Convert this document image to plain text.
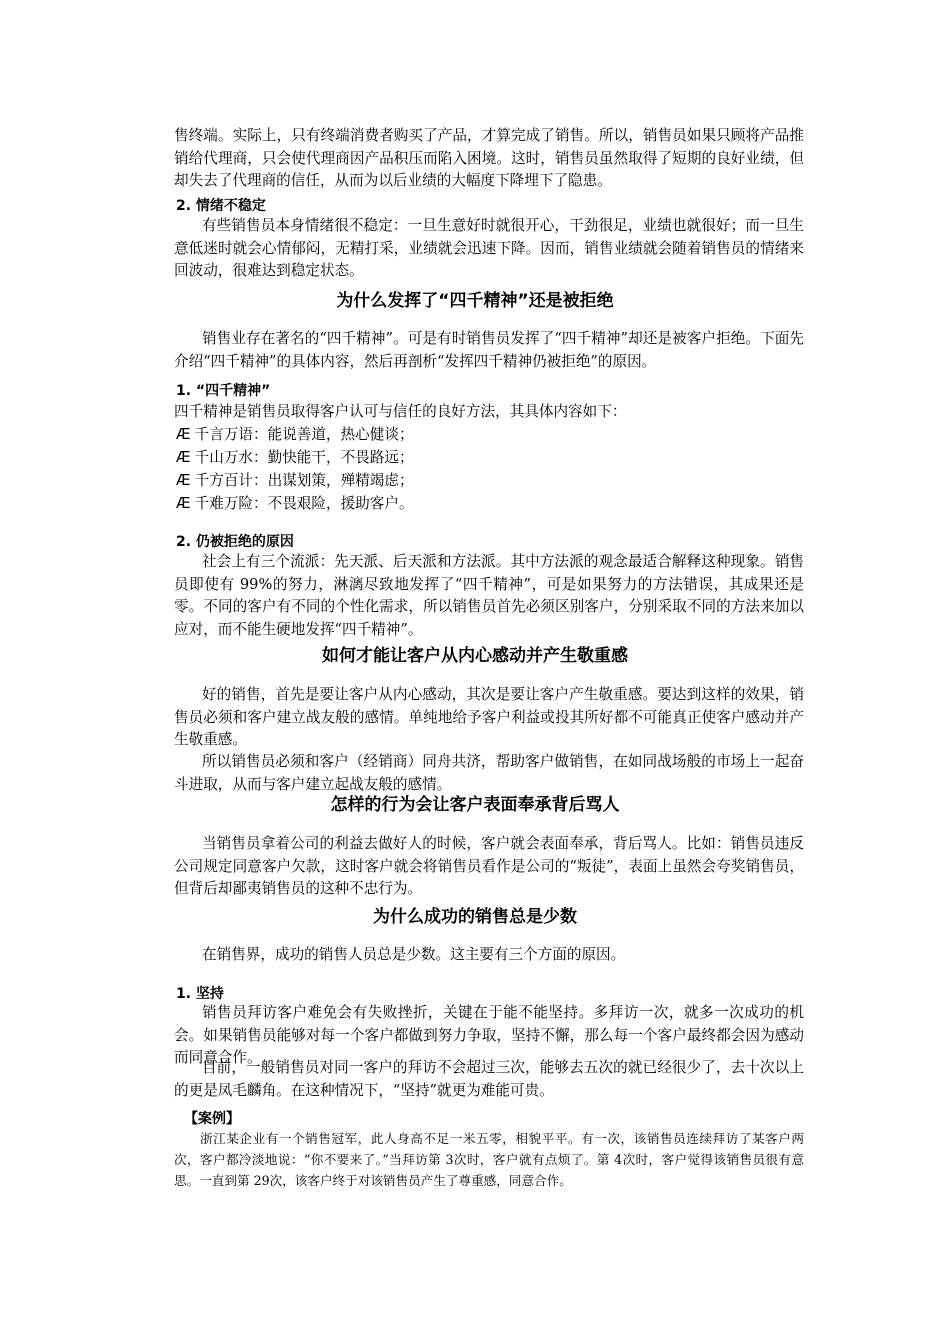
售终端。实际上，只有终端消费者购买了产品，才算完成了销售。所以，销售员如果只顾将产品推销给代理商，只会使代理商因产品积压而陷入困境。这时，销售员虽然取得了短期的良好业绩，但却失去了代理商的信任，从而为以后业绩的大幅度下降埋下了隐患。

2. 情绪不稳定

有些销售员本身情绪很不稳定：一旦生意好时就很开心，干劲很足，业绩也就很好；而一旦生意低迷时就会心情郁闷，无精打采，业绩就会迅速下降。因而，销售业绩就会随着销售员的情绪来回波动，很难达到稳定状态。

为什么发挥了“四千精神”还是被拒绝

销售业存在著名的“四千精神”。可是有时销售员发挥了“四千精神”却还是被客户拒绝。下面先介绍“四千精神”的具体内容，然后再剖析“发挥四千精神仍被拒绝”的原因。

1. “四千精神”

四千精神是销售员取得客户认可与信任的良好方法，其具体内容如下：

Æ 千言万语：能说善道，热心健谈；
Æ 千山万水：勤快能干，不畏路远；
Æ 千方百计：出谋划策，殚精竭虑；
Æ 千难万险：不畏艰险，援助客户。
2. 仍被拒绝的原因

社会上有三个流派：先天派、后天派和方法派。其中方法派的观念最适合解释这种现象。销售员即使有 99%的努力，淋漓尽致地发挥了“四千精神”，可是如果努力的方法错误，其成果还是零。不同的客户有不同的个性化需求，所以销售员首先必须区别客户，分别采取不同的方法来加以应对，而不能生硬地发挥“四千精神”。

如何才能让客户从内心感动并产生敬重感

好的销售，首先是要让客户从内心感动，其次是要让客户产生敬重感。要达到这样的效果，销售员必须和客户建立战友般的感情。单纯地给予客户利益或投其所好都不可能真正使客户感动并产生敬重感。

所以销售员必须和客户（经销商）同舟共济，帮助客户做销售，在如同战场般的市场上一起奋斗进取，从而与客户建立起战友般的感情。

怎样的行为会让客户表面奉承背后骂人

当销售员拿着公司的利益去做好人的时候，客户就会表面奉承，背后骂人。比如：销售员违反公司规定同意客户欠款，这时客户就会将销售员看作是公司的“叛徒”，表面上虽然会夸奖销售员，但背后却鄙夷销售员的这种不忠行为。

为什么成功的销售总是少数

在销售界，成功的销售人员总是少数。这主要有三个方面的原因。

1. 坚持

销售员拜访客户难免会有失败挫折，关键在于能不能坚持。多拜访一次，就多一次成功的机会。如果销售员能够对每一个客户都做到努力争取，坚持不懈，那么每一个客户最终都会因为感动而同意合作。

目前，一般销售员对同一客户的拜访不会超过三次，能够去五次的就已经很少了，去十次以上的更是凤毛麟角。在这种情况下，“坚持”就更为难能可贵。

【案例】

浙江某企业有一个销售冠军，此人身高不足一米五零，相貌平平。有一次，该销售员连续拜访了某客户两次，客户都冷淡地说：“你不要来了。”当拜访第 3次时，客户就有点烦了。第 4次时，客户觉得该销售员很有意思。一直到第 29次，该客户终于对该销售员产生了尊重感，同意合作。
